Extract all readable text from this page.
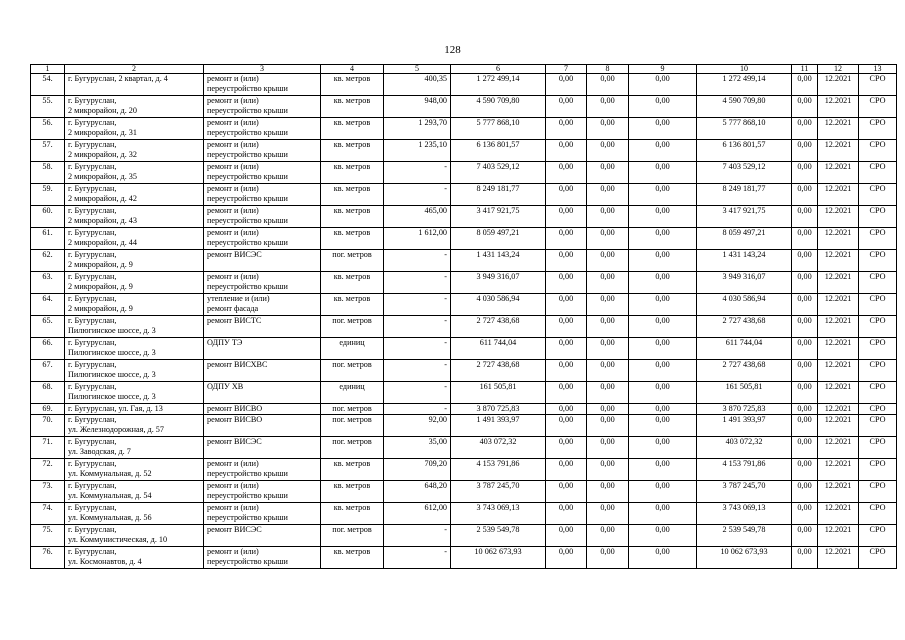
128
1	2	3	4	5	6	7	8	9	10	11	12	13
54.	г. Бугуруслан, 2 квартал, д. 4	ремонт и (или)
переустройство крыши	кв. метров	400,35	1 272 499,14	0,00	0,00	0,00	1 272 499,14	0,00	12.2021	СРО
55.	г. Бугуруслан,
2 микрорайон, д. 20	ремонт и (или)
переустройство крыши	кв. метров	948,00	4 590 709,80	0,00	0,00	0,00	4 590 709,80	0,00	12.2021	СРО
56.	г. Бугуруслан,
2 микрорайон, д. 31	ремонт и (или)
переустройство крыши	кв. метров	1 293,70	5 777 868,10	0,00	0,00	0,00	5 777 868,10	0,00	12.2021	СРО
57.	г. Бугуруслан,
2 микрорайон, д. 32	ремонт и (или)
переустройство крыши	кв. метров	1 235,10	6 136 801,57	0,00	0,00	0,00	6 136 801,57	0,00	12.2021	СРО
58.	г. Бугуруслан,
2 микрорайон, д. 35	ремонт и (или)
переустройство крыши	кв. метров	-	7 403 529,12	0,00	0,00	0,00	7 403 529,12	0,00	12.2021	СРО
59.	г. Бугуруслан,
2 микрорайон, д. 42	ремонт и (или)
переустройство крыши	кв. метров	-	8 249 181,77	0,00	0,00	0,00	8 249 181,77	0,00	12.2021	СРО
60.	г. Бугуруслан,
2 микрорайон, д. 43	ремонт и (или)
переустройство крыши	кв. метров	465,00	3 417 921,75	0,00	0,00	0,00	3 417 921,75	0,00	12.2021	СРО
61.	г. Бугуруслан,
2 микрорайон, д. 44	ремонт и (или)
переустройство крыши	кв. метров	1 612,00	8 059 497,21	0,00	0,00	0,00	8 059 497,21	0,00	12.2021	СРО
62.	г. Бугуруслан,
2 микрорайон, д. 9	ремонт ВИСЭС	пог. метров	-	1 431 143,24	0,00	0,00	0,00	1 431 143,24	0,00	12.2021	СРО
63.	г. Бугуруслан,
2 микрорайон, д. 9	ремонт и (или)
переустройство крыши	кв. метров	-	3 949 316,07	0,00	0,00	0,00	3 949 316,07	0,00	12.2021	СРО
64.	г. Бугуруслан,
2 микрорайон, д. 9	утепление и (или)
ремонт фасада	кв. метров	-	4 030 586,94	0,00	0,00	0,00	4 030 586,94	0,00	12.2021	СРО
65.	г. Бугуруслан,
Пилюгинское шоссе, д. 3	ремонт ВИСТС	пог. метров	-	2 727 438,68	0,00	0,00	0,00	2 727 438,68	0,00	12.2021	СРО
66.	г. Бугуруслан,
Пилюгинское шоссе, д. 3	ОДПУ ТЭ	единиц	-	611 744,04	0,00	0,00	0,00	611 744,04	0,00	12.2021	СРО
67.	г. Бугуруслан,
Пилюгинское шоссе, д. 3	ремонт ВИСХВС	пог. метров	-	2 727 438,68	0,00	0,00	0,00	2 727 438,68	0,00	12.2021	СРО
68.	г. Бугуруслан,
Пилюгинское шоссе, д. 3	ОДПУ ХВ	единиц	-	161 505,81	0,00	0,00	0,00	161 505,81	0,00	12.2021	СРО
69.	г. Бугуруслан, ул. Гая, д. 13	ремонт ВИСВО	пог. метров	-	3 870 725,83	0,00	0,00	0,00	3 870 725,83	0,00	12.2021	СРО
70.	г. Бугуруслан,
ул. Железнодорожная, д. 57	ремонт ВИСВО	пог. метров	92,00	1 491 393,97	0,00	0,00	0,00	1 491 393,97	0,00	12.2021	СРО
71.	г. Бугуруслан,
ул. Заводская, д. 7	ремонт ВИСЭС	пог. метров	35,00	403 072,32	0,00	0,00	0,00	403 072,32	0,00	12.2021	СРО
72.	г. Бугуруслан,
ул. Коммунальная, д. 52	ремонт и (или)
переустройство крыши	кв. метров	709,20	4 153 791,86	0,00	0,00	0,00	4 153 791,86	0,00	12.2021	СРО
73.	г. Бугуруслан,
ул. Коммунальная, д. 54	ремонт и (или)
переустройство крыши	кв. метров	648,20	3 787 245,70	0,00	0,00	0,00	3 787 245,70	0,00	12.2021	СРО
74.	г. Бугуруслан,
ул. Коммунальная, д. 56	ремонт и (или)
переустройство крыши	кв. метров	612,00	3 743 069,13	0,00	0,00	0,00	3 743 069,13	0,00	12.2021	СРО
75.	г. Бугуруслан,
ул. Коммунистическая, д. 10	ремонт ВИСЭС	пог. метров	-	2 539 549,78	0,00	0,00	0,00	2 539 549,78	0,00	12.2021	СРО
76.	г. Бугуруслан,
ул. Космонавтов, д. 4	ремонт и (или)
переустройство крыши	кв. метров	-	10 062 673,93	0,00	0,00	0,00	10 062 673,93	0,00	12.2021	СРО
